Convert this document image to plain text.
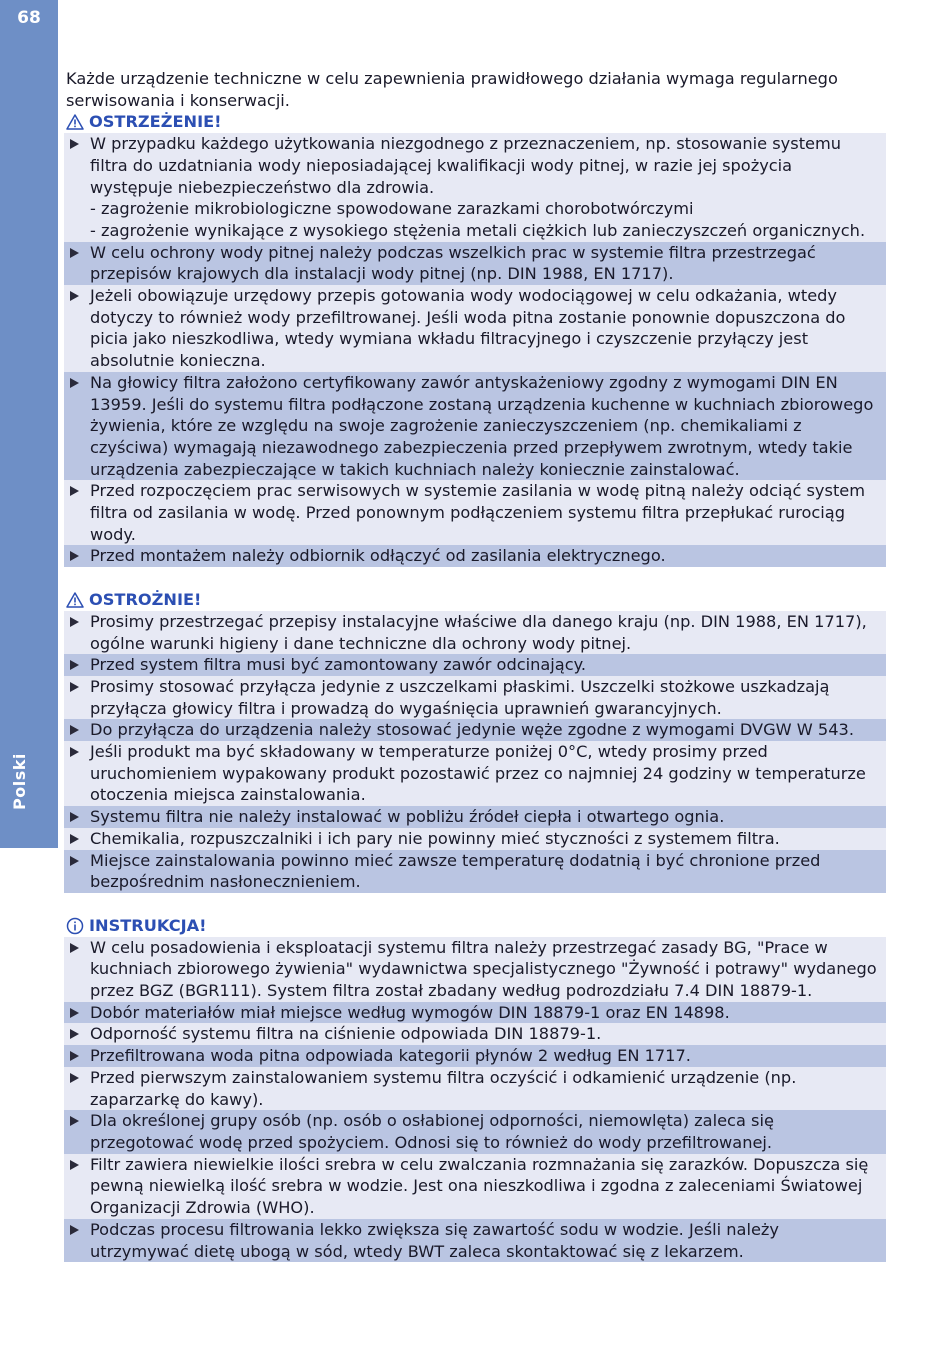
68
Polski

Każde urządzenie techniczne w celu zapewnienia prawidłowego działania wymaga regularnego serwisowania i konserwacji.

OSTRZEŻENIE!
W przypadku każdego użytkowania niezgodnego z przeznaczeniem, np. stosowanie systemu filtra do uzdatniania wody nieposiadającej kwalifikacji wody pitnej, w razie jej spożycia występuje niebezpieczeństwo dla zdrowia.
- zagrożenie mikrobiologiczne spowodowane zarazkami chorobotwórczymi
- zagrożenie wynikające z wysokiego stężenia metali ciężkich lub zanieczyszczeń organicznych.
W celu ochrony wody pitnej należy podczas wszelkich prac w systemie filtra przestrzegać przepisów krajowych dla instalacji wody pitnej (np. DIN 1988, EN 1717).
Jeżeli obowiązuje urzędowy przepis gotowania wody wodociągowej w celu odkażania, wtedy dotyczy to również wody przefiltrowanej. Jeśli woda pitna zostanie ponownie dopuszczona do picia jako nieszkodliwa, wtedy wymiana wkładu filtracyjnego i czyszczenie przyłączy jest absolutnie konieczna.
Na głowicy filtra założono certyfikowany zawór antyskażeniowy zgodny z wymogami DIN EN 13959. Jeśli do systemu filtra podłączone zostaną urządzenia kuchenne w kuchniach zbiorowego żywienia, które ze względu na swoje zagrożenie zanieczyszczeniem (np. chemikaliami z czyściwa) wymagają niezawodnego zabezpieczenia przed przepływem zwrotnym, wtedy takie urządzenia zabezpieczające w takich kuchniach należy koniecznie zainstalować.
Przed rozpoczęciem prac serwisowych w systemie zasilania w wodę pitną należy odciąć system filtra od zasilania w wodę. Przed ponownym podłączeniem systemu filtra przepłukać rurociąg wody.
Przed montażem należy odbiornik odłączyć od zasilania elektrycznego.
OSTROŻNIE!
Prosimy przestrzegać przepisy instalacyjne właściwe dla danego kraju (np. DIN 1988, EN 1717), ogólne warunki higieny i dane techniczne dla ochrony wody pitnej.
Przed system filtra musi być zamontowany zawór odcinający.
Prosimy stosować przyłącza jedynie z uszczelkami płaskimi. Uszczelki stożkowe uszkadzają przyłącza głowicy filtra i prowadzą do wygaśnięcia uprawnień gwarancyjnych.
Do przyłącza do urządzenia należy stosować jedynie węże zgodne z wymogami DVGW W 543.
Jeśli produkt ma być składowany w temperaturze poniżej 0°C, wtedy prosimy przed uruchomieniem wypakowany produkt pozostawić przez co najmniej 24 godziny w temperaturze otoczenia miejsca zainstalowania.
Systemu filtra nie należy instalować w pobliżu źródeł ciepła i otwartego ognia.
Chemikalia, rozpuszczalniki i ich pary nie powinny mieć styczności z systemem filtra.
Miejsce zainstalowania powinno mieć zawsze temperaturę dodatnią i być chronione przed bezpośrednim nasłonecznieniem.
INSTRUKCJA!
W celu posadowienia i eksploatacji systemu filtra należy przestrzegać zasady BG, "Prace w kuchniach zbiorowego żywienia" wydawnictwa specjalistycznego "Żywność i potrawy" wydanego przez BGZ (BGR111). System filtra został zbadany według podrozdziału 7.4 DIN 18879-1.
Dobór materiałów miał miejsce według wymogów DIN 18879-1 oraz EN 14898.
Odporność systemu filtra na ciśnienie odpowiada DIN 18879-1.
Przefiltrowana woda pitna odpowiada kategorii płynów 2 według EN 1717.
Przed pierwszym zainstalowaniem systemu filtra oczyścić i odkamienić urządzenie (np. zaparzarkę do kawy).
Dla określonej grupy osób (np. osób o osłabionej odporności, niemowlęta) zaleca się przegotować wodę przed spożyciem. Odnosi się to również do wody przefiltrowanej.
Filtr zawiera niewielkie ilości srebra w celu zwalczania rozmnażania się zarazków. Dopuszcza się pewną niewielką ilość srebra w wodzie. Jest ona nieszkodliwa i zgodna z zaleceniami Światowej Organizacji Zdrowia (WHO).
Podczas procesu filtrowania lekko zwiększa się zawartość sodu w wodzie. Jeśli należy utrzymywać dietę ubogą w sód, wtedy BWT zaleca skontaktować się z lekarzem.
